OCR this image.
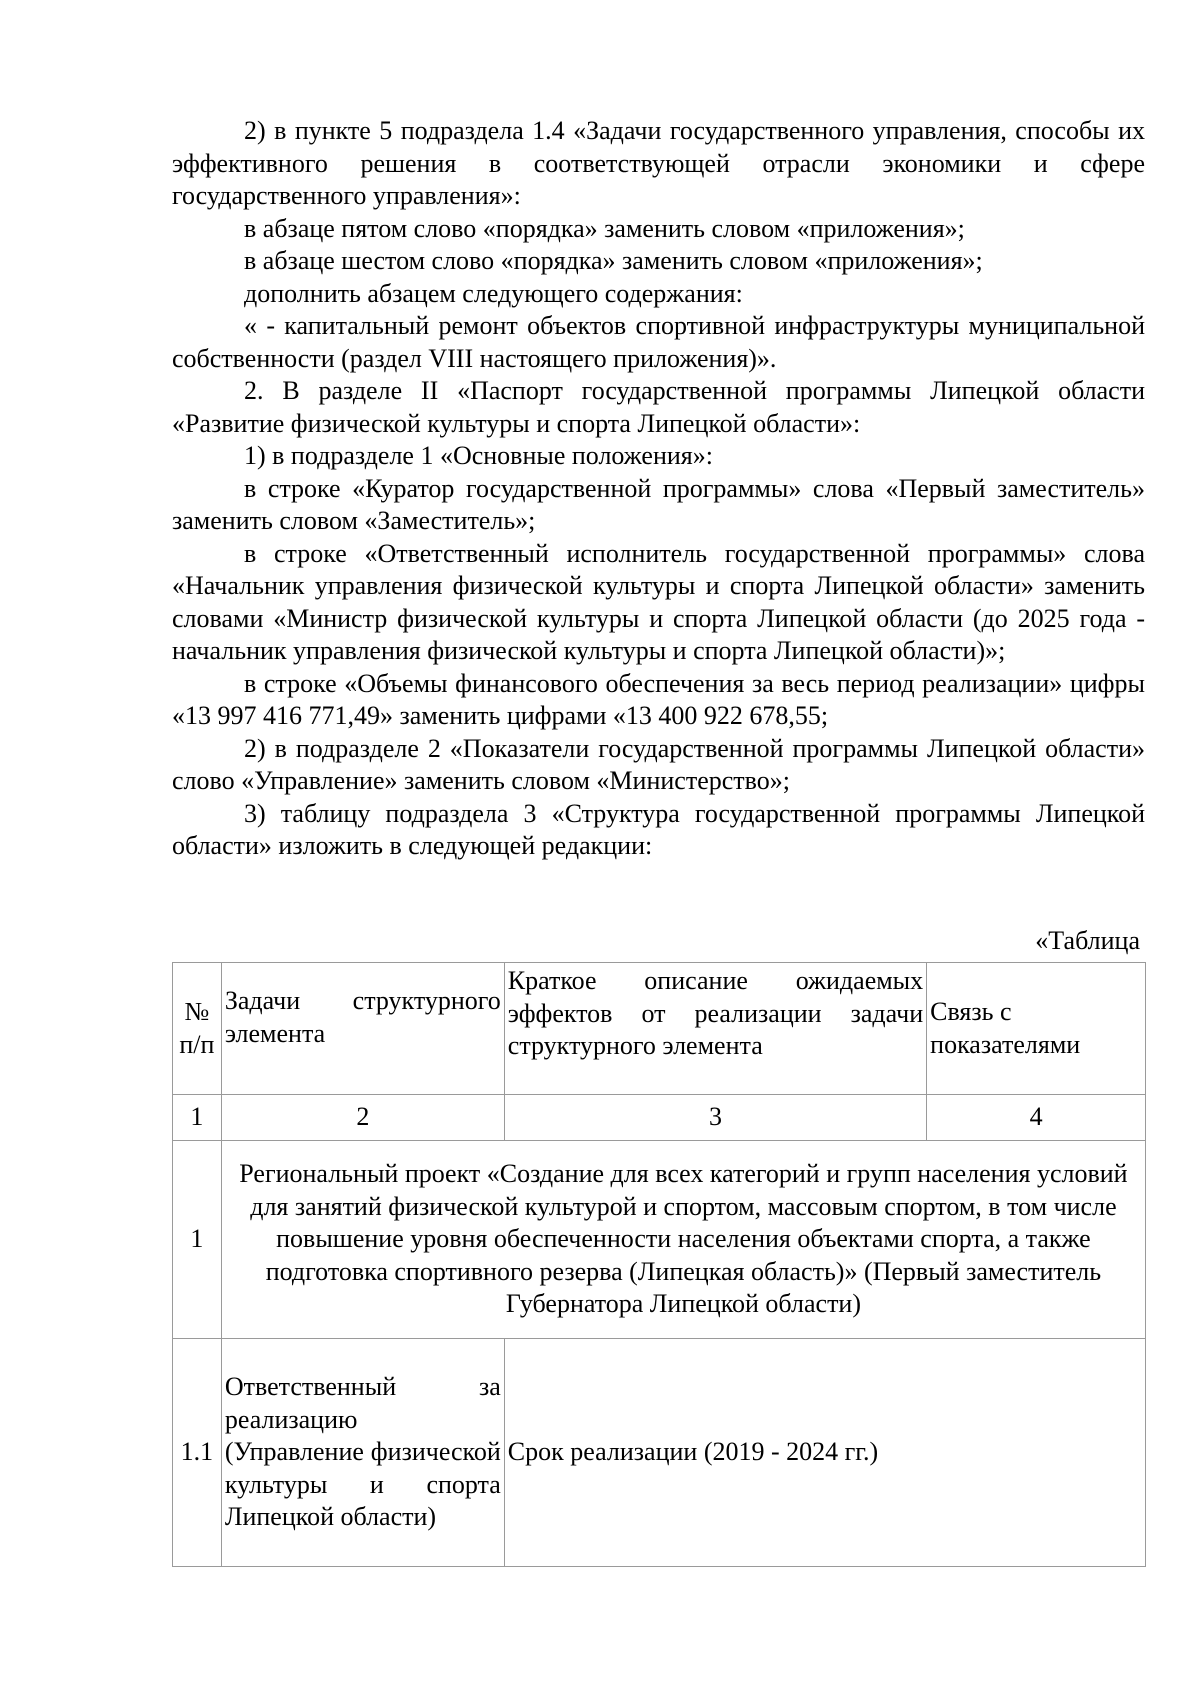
2) в пункте 5 подраздела 1.4 «Задачи государственного управления, способы их эффективного решения в соответствующей отрасли экономики и сфере государственного управления»:

в абзаце пятом слово «порядка» заменить словом «приложения»;

в абзаце шестом слово «порядка» заменить словом «приложения»;

дополнить абзацем следующего содержания:

« - капитальный ремонт объектов спортивной инфраструктуры муниципальной собственности (раздел VIII настоящего приложения)».

2. В разделе II «Паспорт государственной программы Липецкой области «Развитие физической культуры и спорта Липецкой области»:

1) в подразделе 1 «Основные положения»:

в строке «Куратор государственной программы» слова «Первый заместитель» заменить словом «Заместитель»;

в строке «Ответственный исполнитель государственной программы» слова «Начальник управления физической культуры и спорта Липецкой области» заменить словами «Министр физической культуры и спорта Липецкой области (до 2025 года - начальник управления физической культуры и спорта Липецкой области)»;

в строке «Объемы финансового обеспечения за весь период реализации» цифры «13 997 416 771,49» заменить цифрами «13 400 922 678,55;

2) в подразделе 2 «Показатели государственной программы Липецкой области» слово «Управление» заменить словом «Министерство»;

3) таблицу подраздела 3 «Структура государственной программы Липецкой области» изложить в следующей редакции:

«Таблица
№ п/п	Задачи структурного элемента	Краткое описание ожидаемых эффектов от реализации задачи структурного элемента	Связь с показателями
1	2	3	4
1	Региональный проект «Создание для всех категорий и групп населения условий для занятий физической культурой и спортом, массовым спортом, в том числе повышение уровня обеспеченности населения объектами спорта, а также подготовка спортивного резерва (Липецкая область)» (Первый заместитель Губернатора Липецкой области)		
1.1	Ответственный за реализацию (Управление физической культуры и спорта Липецкой области)	Срок реализации (2019 - 2024 гг.)	
